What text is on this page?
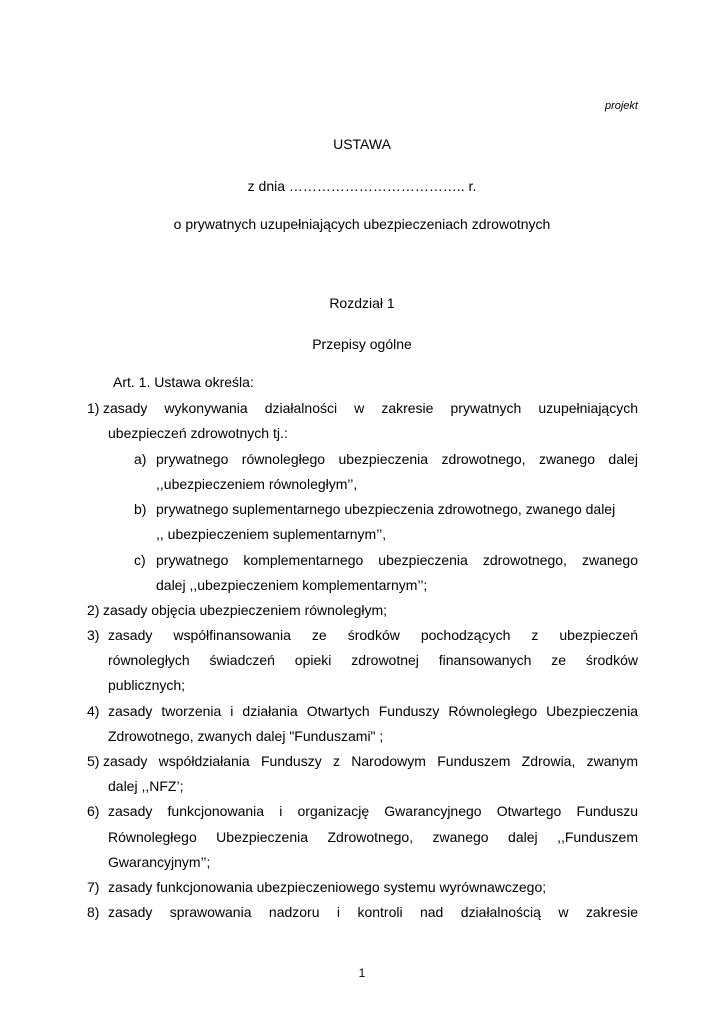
projekt
USTAWA
z dnia ……………………………….. r.
o prywatnych uzupełniających ubezpieczeniach zdrowotnych
Rozdział 1
Przepisy ogólne
Art. 1. Ustawa określa:
1) zasady wykonywania działalności w zakresie prywatnych uzupełniających
ubezpieczeń zdrowotnych tj.:
a) prywatnego równoległego ubezpieczenia zdrowotnego, zwanego dalej
,,ubezpieczeniem równoległym’’,
b) prywatnego suplementarnego ubezpieczenia zdrowotnego, zwanego dalej
,, ubezpieczeniem suplementarnym’’,
c) prywatnego komplementarnego ubezpieczenia zdrowotnego, zwanego
dalej ,,ubezpieczeniem komplementarnym’’;
2) zasady objęcia ubezpieczeniem równoległym;
3) zasady współfinansowania ze środków pochodzących z ubezpieczeń
równoległych świadczeń opieki zdrowotnej finansowanych ze środków
publicznych;
4) zasady tworzenia i działania Otwartych Funduszy Równoległego Ubezpieczenia
Zdrowotnego, zwanych dalej "Funduszami" ;
5) zasady współdziałania Funduszy z Narodowym Funduszem Zdrowia, zwanym
dalej ,,NFZ’;
6) zasady funkcjonowania i organizację Gwarancyjnego Otwartego Funduszu
Równoległego Ubezpieczenia Zdrowotnego, zwanego dalej ,,Funduszem
Gwarancyjnym’’;
7) zasady funkcjonowania ubezpieczeniowego systemu wyrównawczego;
8) zasady sprawowania nadzoru i kontroli nad działalnością w zakresie
1
